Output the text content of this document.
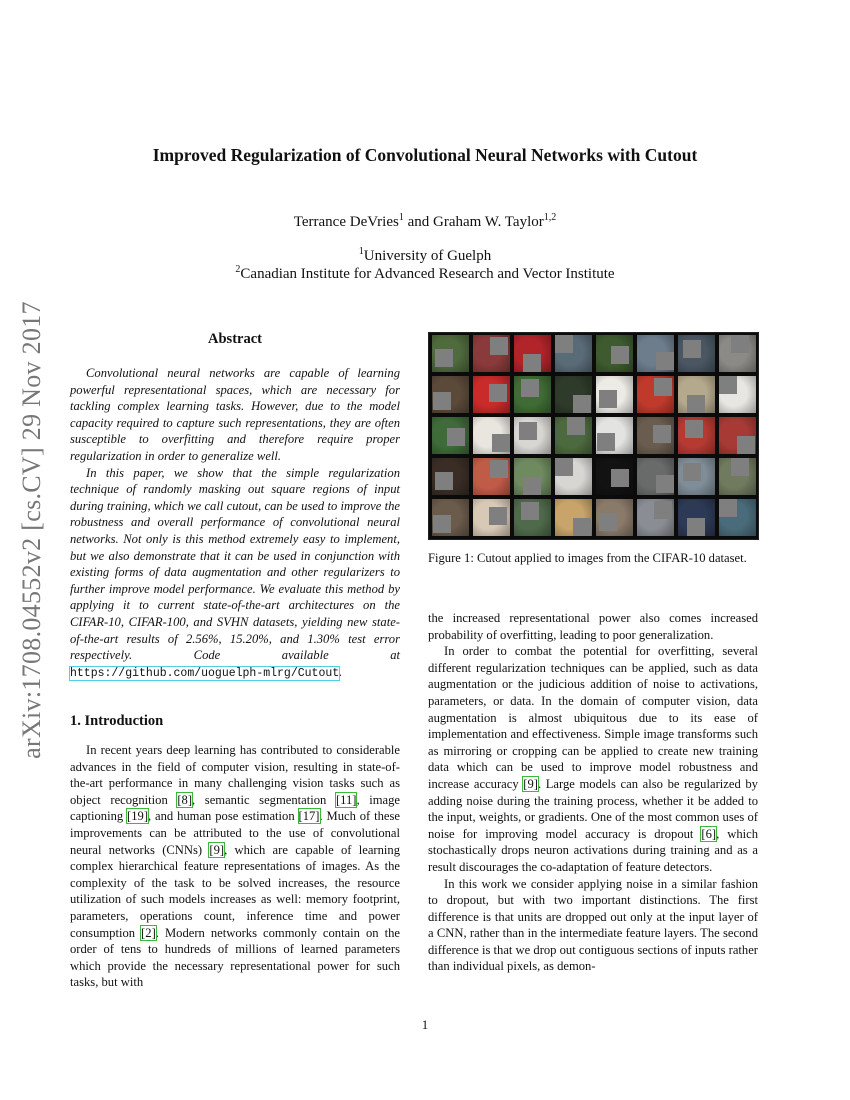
arXiv:1708.04552v2 [cs.CV] 29 Nov 2017
Improved Regularization of Convolutional Neural Networks with Cutout
Terrance DeVries$^1$ and Graham W. Taylor$^{1,2}$
$^1$University of Guelph
$^2$Canadian Institute for Advanced Research and Vector Institute
Abstract

Convolutional neural networks are capable of learning powerful representational spaces, which are necessary for tackling complex learning tasks. However, due to the model capacity required to capture such representations, they are often susceptible to overfitting and therefore require proper regularization in order to generalize well.

In this paper, we show that the simple regularization technique of randomly masking out square regions of input during training, which we call cutout, can be used to improve the robustness and overall performance of convolutional neural networks. Not only is this method extremely easy to implement, but we also demonstrate that it can be used in conjunction with existing forms of data augmentation and other regularizers to further improve model performance. We evaluate this method by applying it to current state-of-the-art architectures on the CIFAR-10, CIFAR-100, and SVHN datasets, yielding new state-of-the-art results of 2.56%, 15.20%, and 1.30% test error respectively. Code available at https://github.com/uoguelph-mlrg/Cutout.

1. Introduction

In recent years deep learning has contributed to considerable advances in the field of computer vision, resulting in state-of-the-art performance in many challenging vision tasks such as object recognition [8], semantic segmentation [11], image captioning [19], and human pose estimation [17]. Much of these improvements can be attributed to the use of convolutional neural networks (CNNs) [9], which are capable of learning complex hierarchical feature representations of images. As the complexity of the task to be solved increases, the resource utilization of such models increases as well: memory footprint, parameters, operations count, inference time and power consumption [2]. Modern networks commonly contain on the order of tens to hundreds of millions of learned parameters which provide the necessary representational power for such tasks, but with

Figure 1: Cutout applied to images from the CIFAR-10 dataset.

the increased representational power also comes increased probability of overfitting, leading to poor generalization.

In order to combat the potential for overfitting, several different regularization techniques can be applied, such as data augmentation or the judicious addition of noise to activations, parameters, or data. In the domain of computer vision, data augmentation is almost ubiquitous due to its ease of implementation and effectiveness. Simple image transforms such as mirroring or cropping can be applied to create new training data which can be used to improve model robustness and increase accuracy [9]. Large models can also be regularized by adding noise during the training process, whether it be added to the input, weights, or gradients. One of the most common uses of noise for improving model accuracy is dropout [6], which stochastically drops neuron activations during training and as a result discourages the co-adaptation of feature detectors.

In this work we consider applying noise in a similar fashion to dropout, but with two important distinctions. The first difference is that units are dropped out only at the input layer of a CNN, rather than in the intermediate feature layers. The second difference is that we drop out contiguous sections of inputs rather than individual pixels, as demon-

1
